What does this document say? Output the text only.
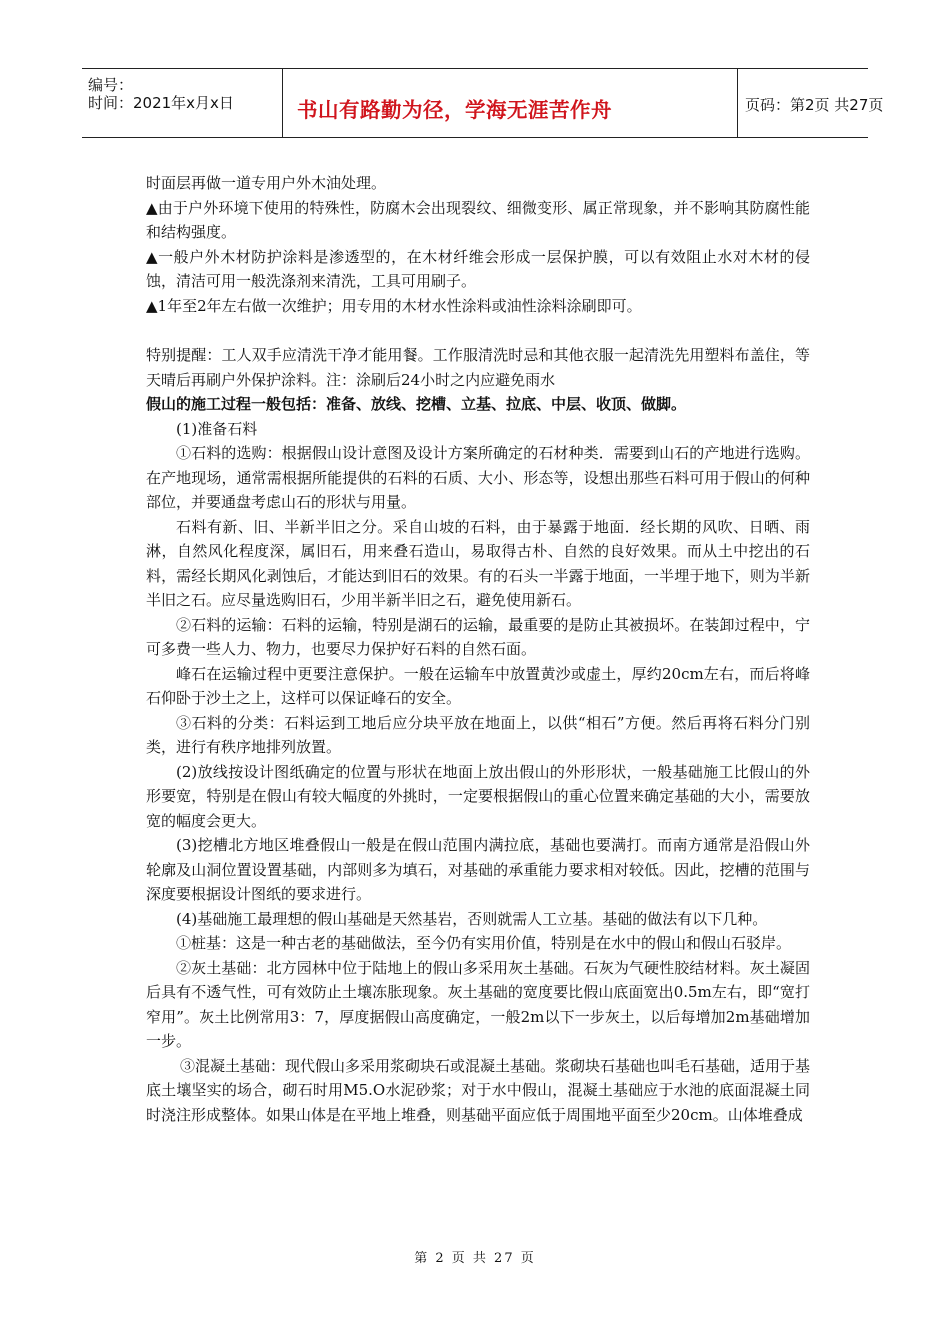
编号：
时间：2021年x月x日	书山有路勤为径，学海无涯苦作舟	页码：第2页 共27页

时面层再做一道专用户外木油处理。

▲由于户外环境下使用的特殊性，防腐木会出现裂纹、细微变形、属正常现象，并不影响其防腐性能和结构强度。

▲一般户外木材防护涂料是渗透型的，在木材纤维会形成一层保护膜，可以有效阻止水对木材的侵蚀，清洁可用一般洗涤剂来清洗，工具可用刷子。

▲1年至2年左右做一次维护；用专用的木材水性涂料或油性涂料涂刷即可。

特别提醒：工人双手应清洗干净才能用餐。工作服清洗时忌和其他衣服一起清洗先用塑料布盖住，等天晴后再刷户外保护涂料。注：涂刷后24小时之内应避免雨水

假山的施工过程一般包括：准备、放线、挖槽、立基、拉底、中层、收顶、做脚。

(1)准备石料

①石料的选购：根据假山设计意图及设计方案所确定的石材种类．需要到山石的产地进行选购。在产地现场，通常需根据所能提供的石料的石质、大小、形态等，设想出那些石料可用于假山的何种部位，并要通盘考虑山石的形状与用量。

石料有新、旧、半新半旧之分。采自山坡的石料，由于暴露于地面．经长期的风吹、日晒、雨淋，自然风化程度深，属旧石，用来叠石造山，易取得古朴、自然的良好效果。而从土中挖出的石料，需经长期风化剥蚀后，才能达到旧石的效果。有的石头一半露于地面，一半埋于地下，则为半新半旧之石。应尽量选购旧石，少用半新半旧之石，避免使用新石。

②石料的运输：石料的运输，特别是湖石的运输，最重要的是防止其被损坏。在装卸过程中，宁可多费一些人力、物力，也要尽力保护好石料的自然石面。

峰石在运输过程中更要注意保护。一般在运输车中放置黄沙或虚土，厚约20cm左右，而后将峰石仰卧于沙土之上，这样可以保证峰石的安全。

③石料的分类：石料运到工地后应分块平放在地面上，以供“相石”方便。然后再将石料分门别类，进行有秩序地排列放置。

(2)放线按设计图纸确定的位置与形状在地面上放出假山的外形形状，一般基础施工比假山的外形要宽，特别是在假山有较大幅度的外挑时，一定要根据假山的重心位置来确定基础的大小，需要放宽的幅度会更大。

(3)挖槽北方地区堆叠假山一般是在假山范围内满拉底，基础也要满打。而南方通常是沿假山外轮廓及山洞位置设置基础，内部则多为填石，对基础的承重能力要求相对较低。因此，挖槽的范围与深度要根据设计图纸的要求进行。

(4)基础施工最理想的假山基础是天然基岩，否则就需人工立基。基础的做法有以下几种。

①桩基：这是一种古老的基础做法，至今仍有实用价值，特别是在水中的假山和假山石驳岸。

②灰土基础：北方园林中位于陆地上的假山多采用灰土基础。石灰为气硬性胶结材料。灰土凝固后具有不透气性，可有效防止土壤冻胀现象。灰土基础的宽度要比假山底面宽出0.5m左右，即“宽打窄用”。灰土比例常用3：7，厚度据假山高度确定，一般2m以下一步灰土，以后每增加2m基础增加一步。

③混凝土基础：现代假山多采用浆砌块石或混凝土基础。浆砌块石基础也叫毛石基础，适用于基底土壤坚实的场合，砌石时用M5.O水泥砂浆；对于水中假山，混凝土基础应于水池的底面混凝土同时浇注形成整体。如果山体是在平地上堆叠，则基础平面应低于周围地平面至少20cm。山体堆叠成

第 2 页 共 27 页
